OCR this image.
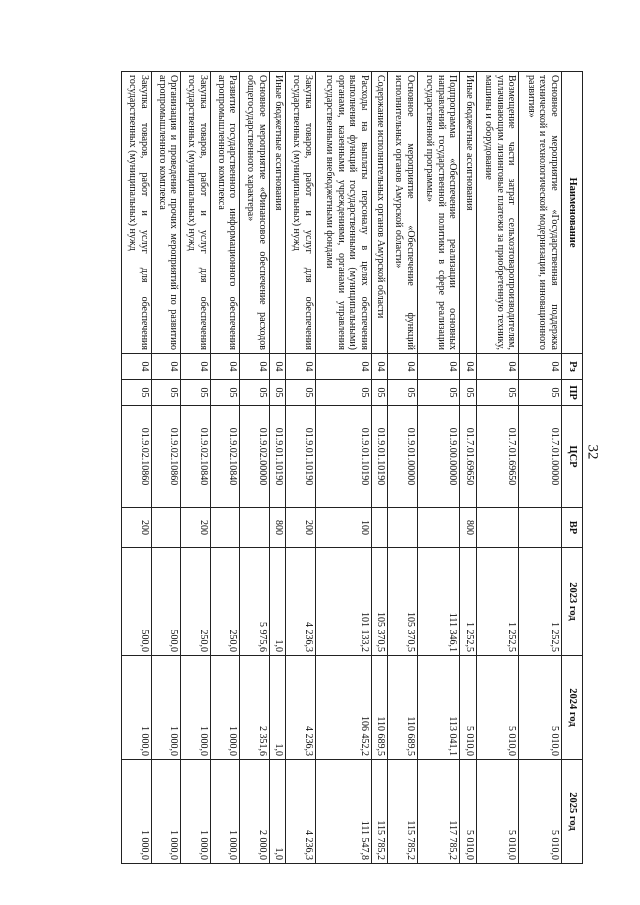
32
Наименование	Рз	ПР	ЦСР	ВР	2023 год	2024 год	2025 год
Основное мероприятие «Государственная поддержка технической и технологической модернизации, инновационного развития»	04	05	01.7.01.00000		1 252,5	5 010,0	5 010,0
Возмещение части затрат сельхозтоваропроизводителям, уплачивающим лизинговые платежи за приобретенную технику, машины и оборудование	04	05	01.7.01.69650		1 252,5	5 010,0	5 010,0
Иные бюджетные ассигнования	04	05	01.7.01.69650	800	1 252,5	5 010,0	5 010,0
Подпрограмма «Обеспечение реализации основных направлений государственной политики в сфере реализации государственной программы»	04	05	01.9.00.00000		111 346,1	113 041,1	117 785,2
Основное мероприятие «Обеспечение функций исполнительных органов Амурской области»	04	05	01.9.01.00000		105 370,5	110 689,5	115 785,2
Содержание исполнительных органов Амурской области	04	05	01.9.01.10190		105 370,5	110 689,5	115 785,2
Расходы на выплаты персоналу в целях обеспечения выполнения функций государственными (муниципальными) органами, казенными учреждениями, органами управления государственными внебюджетными фондами	04	05	01.9.01.10190	100	101 133,2	106 452,2	111 547,8
Закупка товаров, работ и услуг для обеспечения государственных (муниципальных) нужд	04	05	01.9.01.10190	200	4 236,3	4 236,3	4 236,3
Иные бюджетные ассигнования	04	05	01.9.01.10190	800	1,0	1,0	1,0
Основное мероприятие «Финансовое обеспечение расходов общегосударственного характера»	04	05	01.9.02.00000		5 975,6	2 351,6	2 000,0
Развитие государственного информационного обеспечения агропромышленного комплекса	04	05	01.9.02.10840		250,0	1 000,0	1 000,0
Закупка товаров, работ и услуг для обеспечения государственных (муниципальных) нужд	04	05	01.9.02.10840	200	250,0	1 000,0	1 000,0
Организация и проведение прочих мероприятий по развитию агропромышленного комплекса	04	05	01.9.02.10860		500,0	1 000,0	1 000,0
Закупка товаров, работ и услуг для обеспечения государственных (муниципальных) нужд	04	05	01.9.02.10860	200	500,0	1 000,0	1 000,0
